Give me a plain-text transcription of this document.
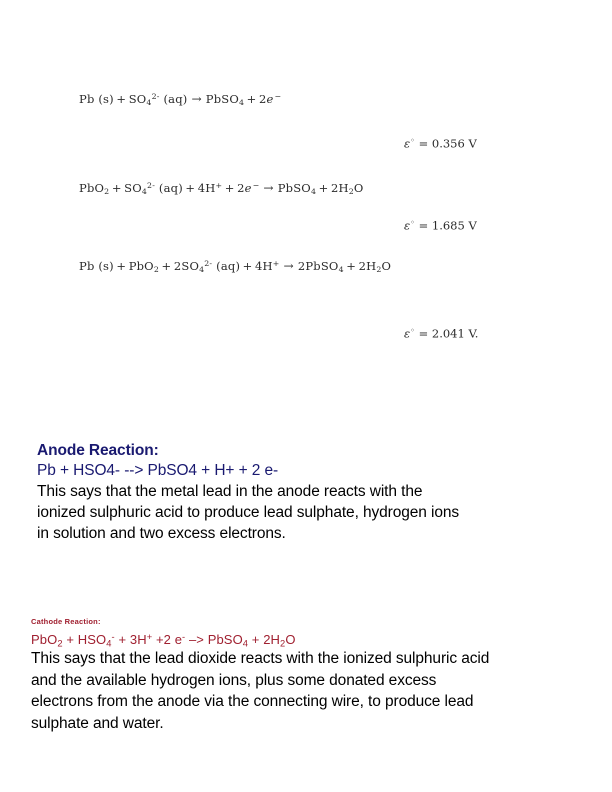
Pb $(s) + SO_4^{2-}$ (aq) → PbSO$_4$ + 2e−
ε◦ = 0.356 V
$PbO_2 + SO_4^{2-}$ (aq) + 4H+ + 2e− → PbSO$_4$ + $2H_2O$
ε◦ = 1.685 V
Pb $(s) + PbO_2 + 2SO_4^{2-}$ (aq) + 4H+ → 2PbSO$_4$ + $2H_2O$
ε◦ = 2.041 V.
Anode Reaction:
Pb + HSO4- --> PbSO4 + H+ + 2 e-
This says that the metal lead in the anode reacts with the
ionized sulphuric acid to produce lead sulphate, hydrogen ions
in solution and two excess electrons.
Cathode Reaction:
$PbO_2 + HSO_4^- + 3H^+ +2$ e- –> PbSO$_4$ + $2H_2O$
This says that the lead dioxide reacts with the ionized sulphuric acid
and the available hydrogen ions, plus some donated excess
electrons from the anode via the connecting wire, to produce lead
sulphate and water.
